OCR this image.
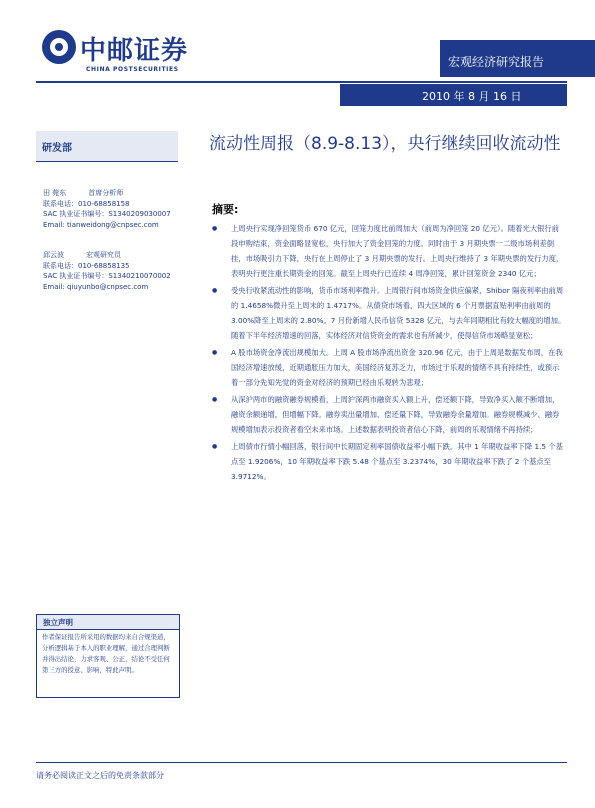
中邮证券
CHINA POSTSECURITIES
宏观经济研究报告
2010 年 8 月 16 日
研发部
田 菀东	首席分析师
联系电话：010-68858158
SAC 执业证书编号：S1340209030007
Email: tianweidong@cnpsec.com
邱云波	宏观研究员
联系电话：010-68858135
SAC 执业证书编号：S1340210070002
Email: qiuyunbo@cnpsec.com
流动性周报（8.9-8.13），央行继续回收流动性
摘要:
● 上周央行实现净回笼货币 670 亿元，回笼力度比前周加大（前周为净回笼 20 亿元）。随着光大银行前段申购结束，资金面略显宽松，央行加大了资金回笼的力度。同时由于 3 月期央票一二级市场利差倒挂，市场吸引力下降，央行在上周停止了 3 月期央票的发行。上周央行维持了 3 年期央票的发行力度，表明央行更注重长期资金的回笼。截至上周央行已连续 4 周净回笼，累计回笼资金 2340 亿元；
● 受央行收紧流动性的影响，货币市场利率微升。上周银行间市场资金供应偏紧，Shibor 隔夜利率由前周的 1.4658%微升至上周末的 1.4717%。从债贷市场看，四大区域的 6 个月票据直贴利率由前周的 3.00%降至上周末的 2.80%。7 月份新增人民币信贷 5328 亿元，与去年同期相比有较大幅度的增加。随着下半年经济增速的回落，实体经济对信贷资金的需求也有所减少，使得信贷市场略显宽松；
● A 股市场资金净流出规模加大。上周 A 股市场净流出资金 320.96 亿元，由于上周是数据发布周，在我国经济增速放缓，近期通胀压力加大，美国经济复苏乏力，市场过于乐观的情绪不具有持续性，或预示着一部分先知先觉的资金对经济的预期已经由乐观转为悲观；
● 从深沪两市的融资融券规模看，上周沪深两市融资买入额上升，偿还额下降，导致净买入额不断增加，融资余额递增，但增幅下降。融券卖出量增加、偿还量下降，导致融券余量增加。融券规模减少、融券规模增加表示投资者看空未来市场。上述数据表明投资者信心下降，前周的乐观情绪不再持续；
● 上周债市行情小幅回落，银行间中长期固定利率国债收益率小幅下跌。其中 1 年期收益率下降 1.5 个基点至 1.9206%，10 年期收益率下跌 5.48 个基点至 3.2374%，30 年期收益率下跌了 2 个基点至 3.9712%。
独立声明
作者保证报告所采用的数据均来自合规渠道，分析逻辑基于本人的职业理解，通过合理判断并得出结论，力求客观、公正，结论不受任何第三方的授意、影响，特此声明。
请务必阅读正文之后的免责条款部分
